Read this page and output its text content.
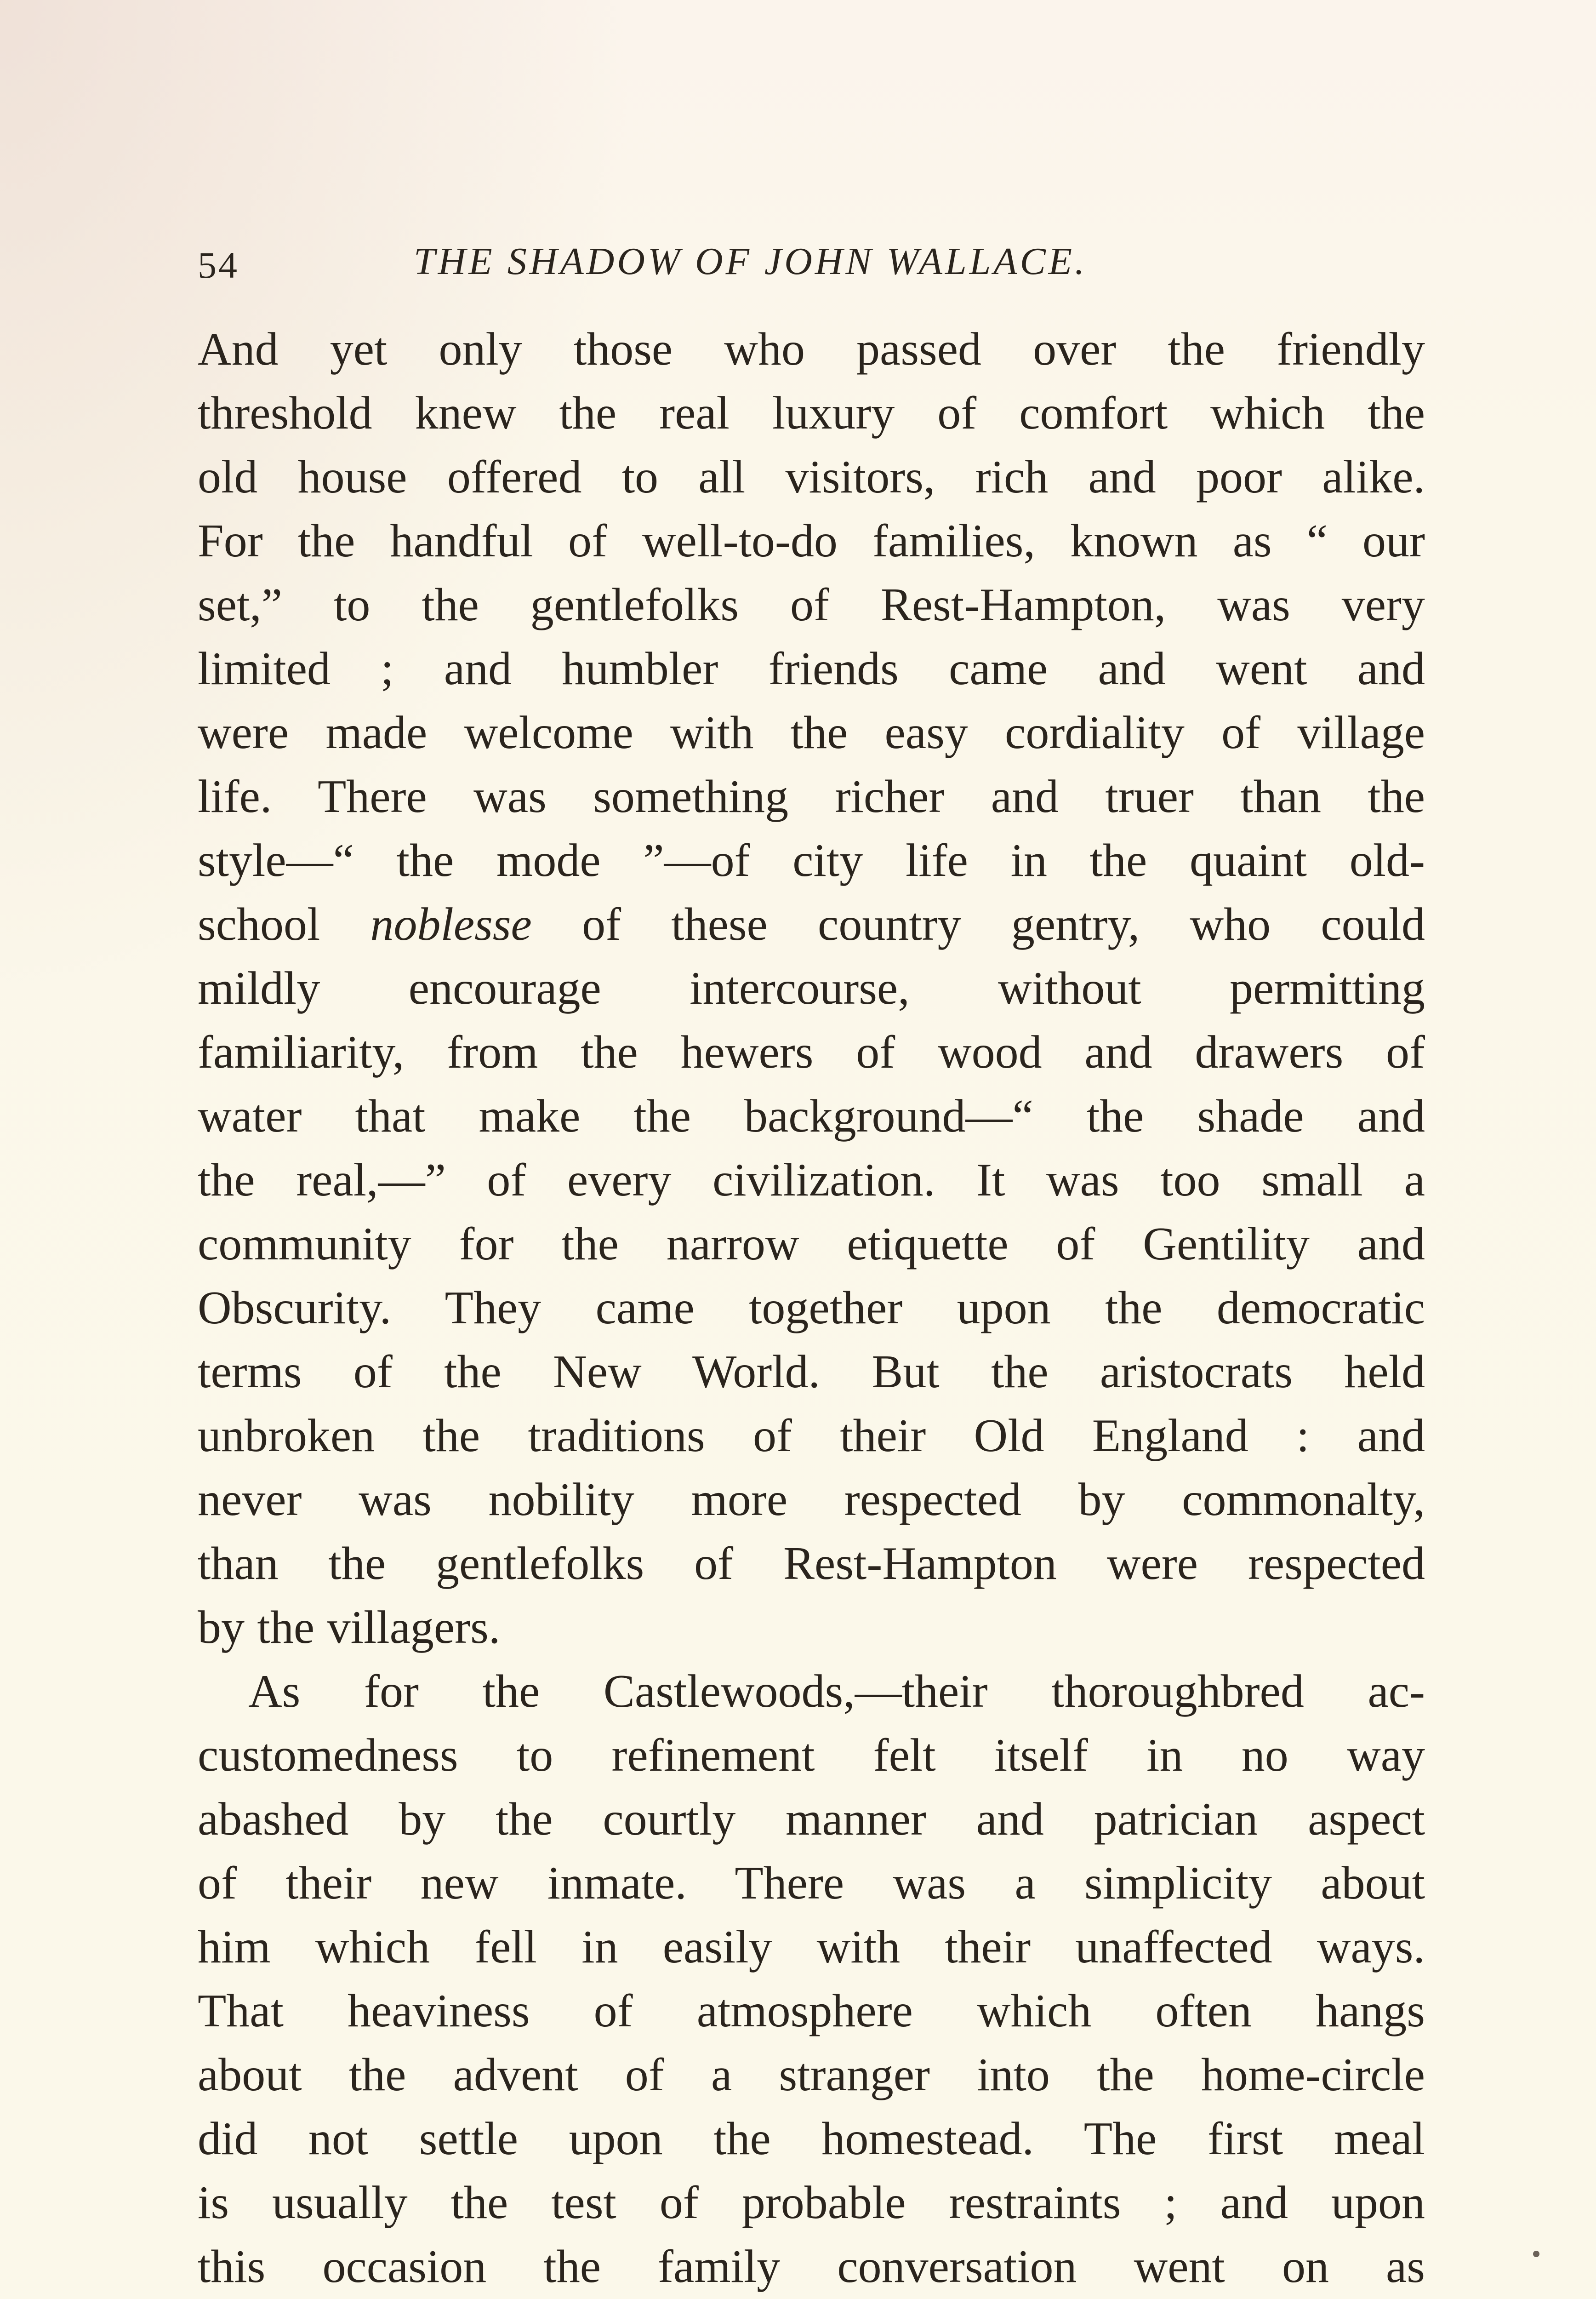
54	THE SHADOW OF JOHN WALLACE.
And yet only those who passed over the friendly
threshold knew the real luxury of comfort which the
old house offered to all visitors, rich and poor alike.
For the handful of well-to-do families, known as “ our
set,” to the gentlefolks of Rest-Hampton, was very
limited ; and humbler friends came and went and
were made welcome with the easy cordiality of village
life. There was something richer and truer than the
style—“ the mode ”—of city life in the quaint old-
school noblesse of these country gentry, who could
mildly encourage intercourse, without permitting
familiarity, from the hewers of wood and drawers of
water that make the background—“ the shade and
the real,—” of every civilization. It was too small a
community for the narrow etiquette of Gentility and
Obscurity. They came together upon the democratic
terms of the New World. But the aristocrats held
unbroken the traditions of their Old England : and
never was nobility more respected by commonalty,
than the gentlefolks of Rest-Hampton were respected
by the villagers.
As for the Castlewoods,—their thoroughbred ac-
customedness to refinement felt itself in no way
abashed by the courtly manner and patrician aspect
of their new inmate. There was a simplicity about
him which fell in easily with their unaffected ways.
That heaviness of atmosphere which often hangs
about the advent of a stranger into the home-circle
did not settle upon the homestead. The first meal
is usually the test of probable restraints ; and upon
this occasion the family conversation went on as
